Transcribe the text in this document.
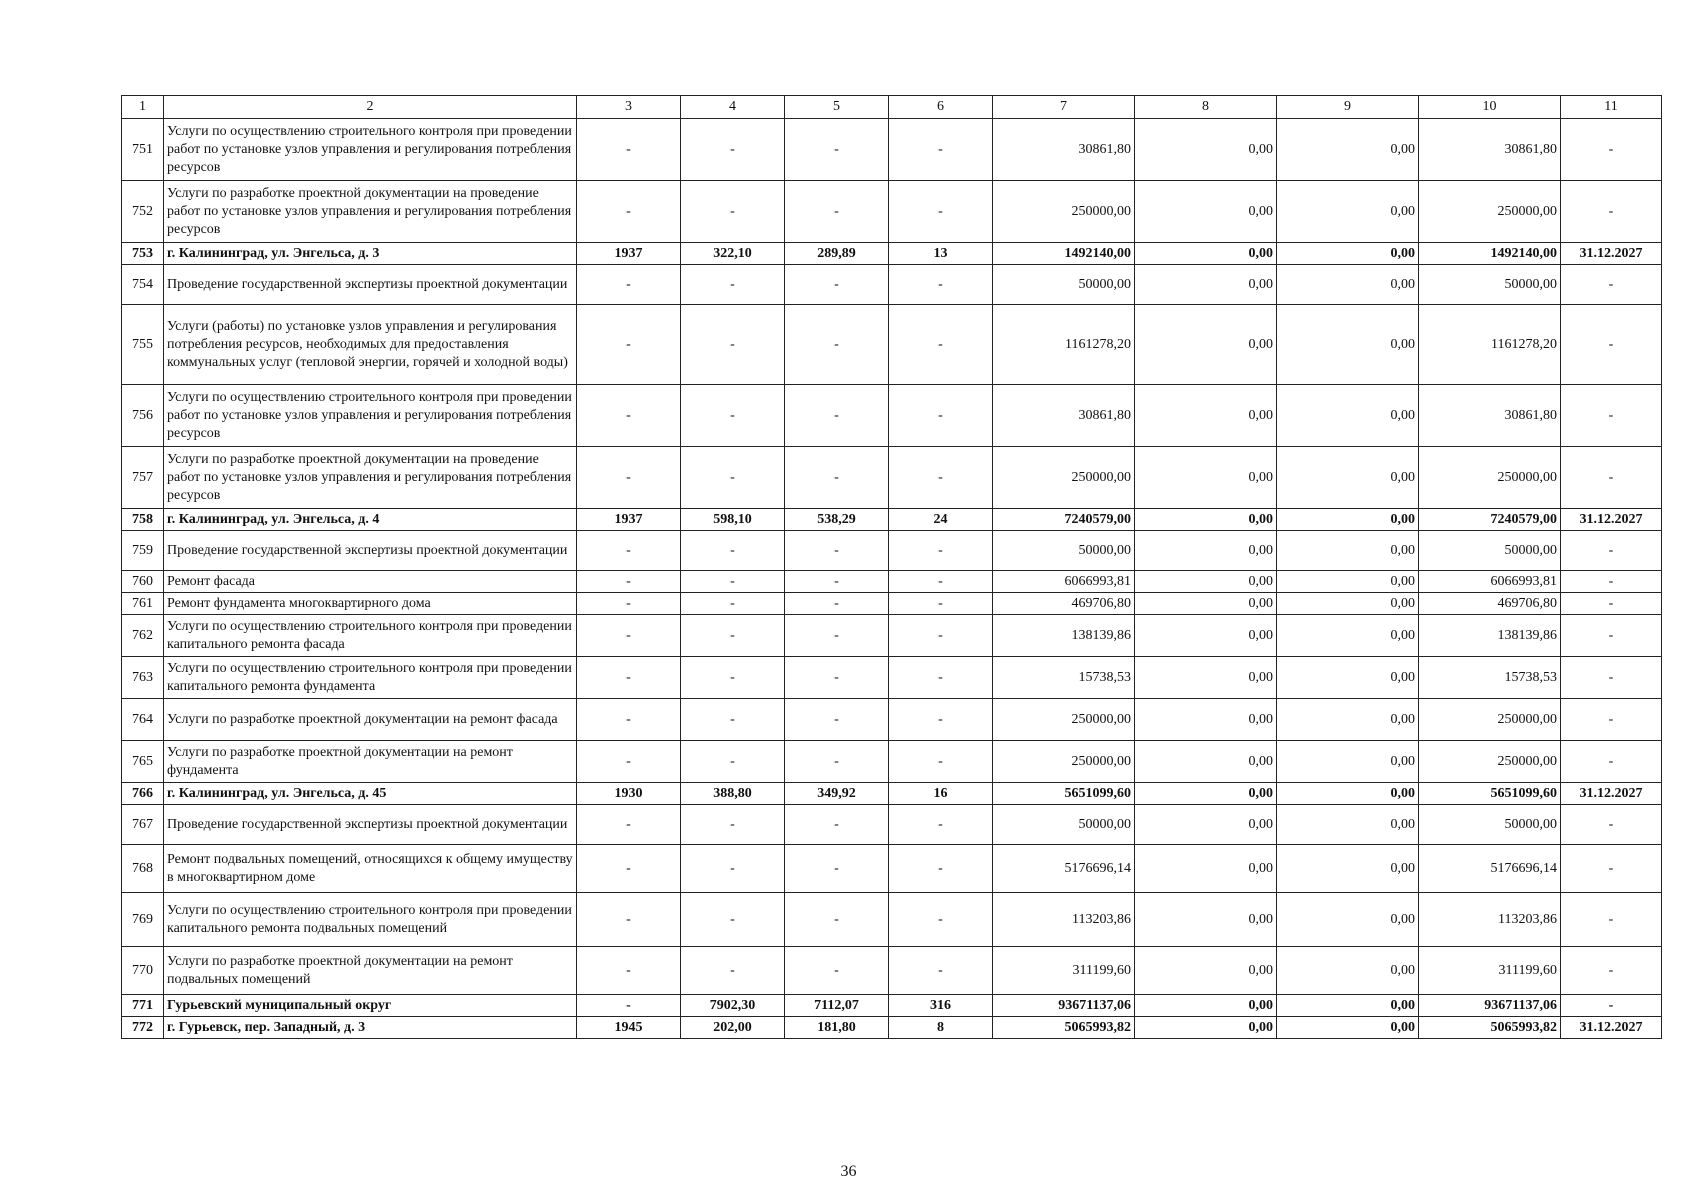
1	2	3	4	5	6	7	8	9	10	11
751	Услуги по осуществлению строительного контроля при проведении работ по установке узлов управления и регулирования потребления ресурсов	-	-	-	-	30861,80	0,00	0,00	30861,80	-
752	Услуги по разработке проектной документации на проведение работ по установке узлов управления и регулирования потребления ресурсов	-	-	-	-	250000,00	0,00	0,00	250000,00	-
753	г. Калининград, ул. Энгельса, д. 3	1937	322,10	289,89	13	1492140,00	0,00	0,00	1492140,00	31.12.2027
754	Проведение государственной экспертизы проектной документации	-	-	-	-	50000,00	0,00	0,00	50000,00	-
755	Услуги (работы) по установке узлов управления и регулирования потребления ресурсов, необходимых для предоставления коммунальных услуг (тепловой энергии, горячей и холодной воды)	-	-	-	-	1161278,20	0,00	0,00	1161278,20	-
756	Услуги по осуществлению строительного контроля при проведении работ по установке узлов управления и регулирования потребления ресурсов	-	-	-	-	30861,80	0,00	0,00	30861,80	-
757	Услуги по разработке проектной документации на проведение работ по установке узлов управления и регулирования потребления ресурсов	-	-	-	-	250000,00	0,00	0,00	250000,00	-
758	г. Калининград, ул. Энгельса, д. 4	1937	598,10	538,29	24	7240579,00	0,00	0,00	7240579,00	31.12.2027
759	Проведение государственной экспертизы проектной документации	-	-	-	-	50000,00	0,00	0,00	50000,00	-
760	Ремонт фасада	-	-	-	-	6066993,81	0,00	0,00	6066993,81	-
761	Ремонт фундамента многоквартирного дома	-	-	-	-	469706,80	0,00	0,00	469706,80	-
762	Услуги по осуществлению строительного контроля при проведении капитального ремонта фасада	-	-	-	-	138139,86	0,00	0,00	138139,86	-
763	Услуги по осуществлению строительного контроля при проведении капитального ремонта фундамента	-	-	-	-	15738,53	0,00	0,00	15738,53	-
764	Услуги по разработке проектной документации на ремонт фасада	-	-	-	-	250000,00	0,00	0,00	250000,00	-
765	Услуги по разработке проектной документации на ремонт фундамента	-	-	-	-	250000,00	0,00	0,00	250000,00	-
766	г. Калининград, ул. Энгельса, д. 45	1930	388,80	349,92	16	5651099,60	0,00	0,00	5651099,60	31.12.2027
767	Проведение государственной экспертизы проектной документации	-	-	-	-	50000,00	0,00	0,00	50000,00	-
768	Ремонт подвальных помещений, относящихся к общему имуществу в многоквартирном доме	-	-	-	-	5176696,14	0,00	0,00	5176696,14	-
769	Услуги по осуществлению строительного контроля при проведении капитального ремонта подвальных помещений	-	-	-	-	113203,86	0,00	0,00	113203,86	-
770	Услуги по разработке проектной документации на ремонт подвальных помещений	-	-	-	-	311199,60	0,00	0,00	311199,60	-
771	Гурьевский муниципальный округ	-	7902,30	7112,07	316	93671137,06	0,00	0,00	93671137,06	-
772	г. Гурьевск, пер. Западный, д. 3	1945	202,00	181,80	8	5065993,82	0,00	0,00	5065993,82	31.12.2027
36
